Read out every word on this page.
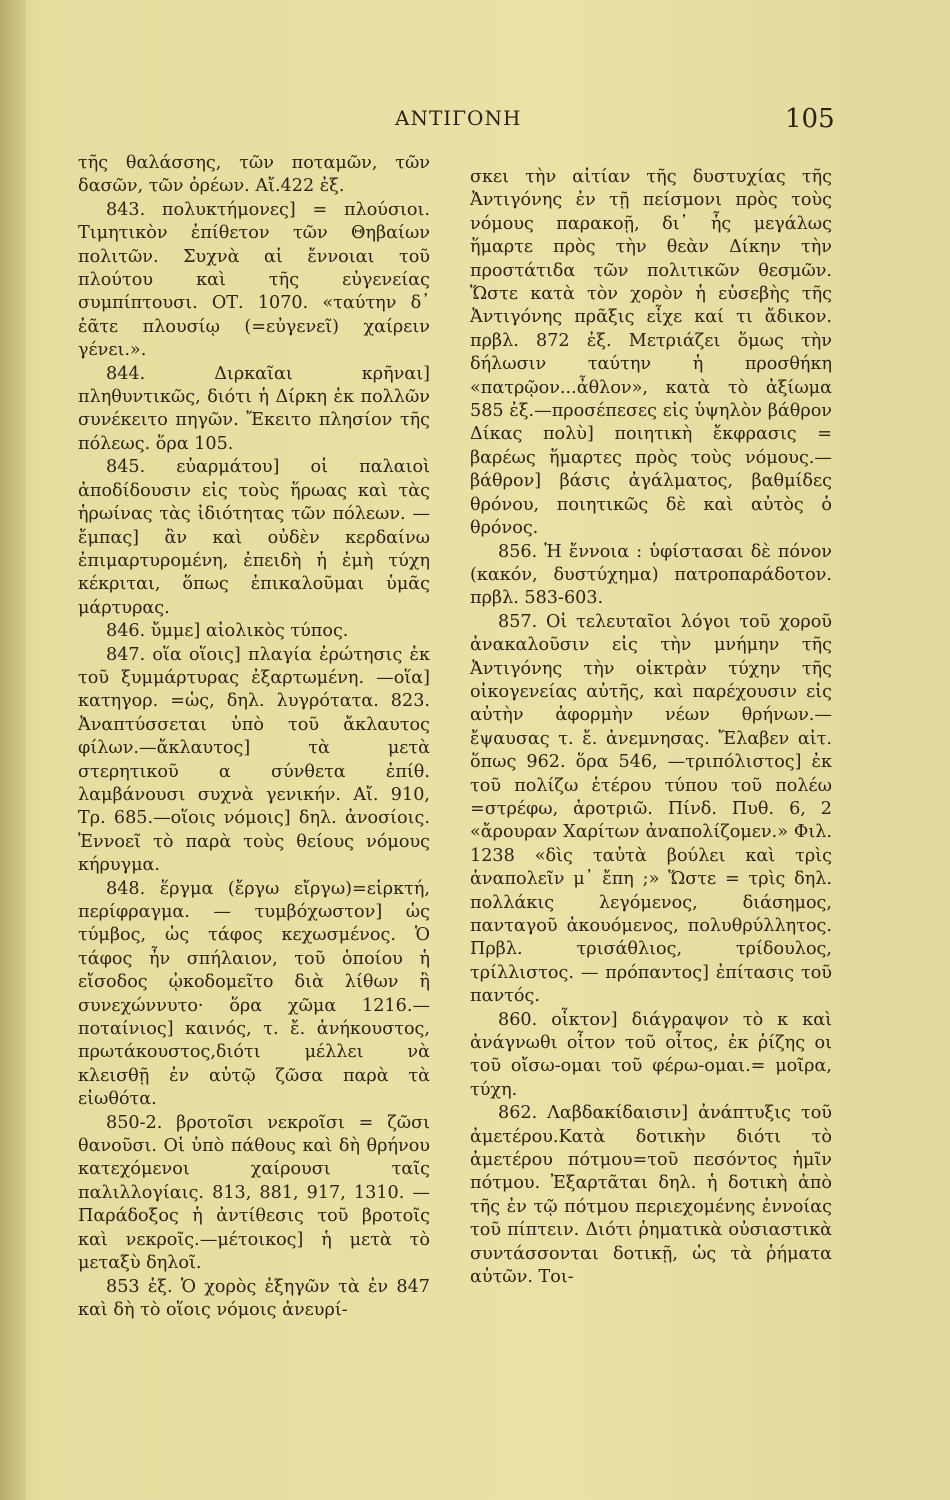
ΑΝΤΙΓΟΝΗ	105

τῆς θαλάσσης, τῶν ποταμῶν, τῶν δασῶν, τῶν ὀρέων. Αἴ.422 ἐξ.

843. πολυκτήμονες] = πλούσιοι. Τιμητικὸν ἐπίθετον τῶν Θηβαίων πολιτῶν. Συχνὰ αἱ ἔννοιαι τοῦ πλούτου καὶ τῆς εὐγενείας συμπίπτουσι. ΟΤ. 1070. «ταύτην δ᾽ ἐᾶτε πλουσίῳ (=εὐγενεῖ) χαίρειν γένει.».

844. Διρκαῖαι κρῆναι] πληθυντικῶς, διότι ἡ Δίρκη ἐκ πολλῶν συνέκειτο πηγῶν. Ἔκειτο πλησίον τῆς πόλεως. ὅρα 105.

845. εὐαρμάτου] οἱ παλαιοὶ ἀποδίδουσιν εἰς τοὺς ἥρωας καὶ τὰς ἡρωίνας τὰς ἰδιότητας τῶν πόλεων. —ἔμπας] ἂν καὶ οὐδὲν κερδαίνω ἐπιμαρτυρομένη, ἐπειδὴ ἡ ἐμὴ τύχη κέκριται, ὅπως ἐπικαλοῦμαι ὑμᾶς μάρτυρας.

846. ὔμμε] αἰολικὸς τύπος.

847. οἵα οἵοις] πλαγία ἐρώτησις ἐκ τοῦ ξυμμάρτυρας ἐξαρτωμένη. —οἵα] κατηγορ. =ὡς, δηλ. λυγρότατα. 823. Ἀναπτύσσεται ὑπὸ τοῦ ἄκλαυτος φίλων.—ἄκλαυτος] τὰ μετὰ στερητικοῦ α σύνθετα ἐπίθ. λαμβάνουσι συχνὰ γενικήν. Αἴ. 910, Τρ. 685.—οἵοις νόμοις] δηλ. ἀνοσίοις. Ἐννοεῖ τὸ παρὰ τοὺς θείους νόμους κήρυγμα.

848. ἕργμα (ἔργω εἴργω)=εἱρκτή, περίφραγμα. — τυμβόχωστον] ὡς τύμβος, ὡς τάφος κεχωσμένος. Ὁ τάφος ἦν σπήλαιον, τοῦ ὁποίου ἡ εἴσοδος ᾠκοδομεῖτο διὰ λίθων ἢ συνεχώννυτο· ὅρα χῶμα 1216.—ποταίνιος] καινός, τ. ἔ. ἀνήκουστος, πρωτάκουστος,διότι μέλλει νὰ κλεισθῇ ἐν αὐτῷ ζῶσα παρὰ τὰ εἰωθότα.

850-2. βροτοῖσι νεκροῖσι = ζῶσι θανοῦσι. Οἱ ὑπὸ πάθους καὶ δὴ θρήνου κατεχόμενοι χαίρουσι ταῖς παλιλλογίαις. 813, 881, 917, 1310. —Παράδοξος ἡ ἀντίθεσις τοῦ βροτοῖς καὶ νεκροῖς.—μέτοικος] ἡ μετὰ τὸ μεταξὺ δηλοῖ.

853 ἐξ. Ὁ χορὸς ἐξηγῶν τὰ ἐν 847 καὶ δὴ τὸ οἵοις νόμοις ἀνευρί-

σκει τὴν αἰτίαν τῆς δυστυχίας τῆς Ἀντιγόνης ἐν τῇ πείσμονι πρὸς τοὺς νόμους παρακοῇ, δι᾽ ἧς μεγάλως ἥμαρτε πρὸς τὴν θεὰν Δίκην τὴν προστάτιδα τῶν πολιτικῶν θεσμῶν. Ὥστε κατὰ τὸν χορὸν ἡ εὐσεβὴς τῆς Ἀντιγόνης πρᾶξις εἶχε καί τι ἄδικον. πρβλ. 872 ἐξ. Μετριάζει ὅμως τὴν δήλωσιν ταύτην ἡ προσθήκη «πατρῷον...ἆθλον», κατὰ τὸ ἀξίωμα 585 ἐξ.—προσέπεσες εἰς ὑψηλὸν βάθρον Δίκας πολὺ] ποιητικὴ ἔκφρασις = βαρέως ἥμαρτες πρὸς τοὺς νόμους.— βάθρον] βάσις ἀγάλματος, βαθμίδες θρόνου, ποιητικῶς δὲ καὶ αὐτὸς ὁ θρόνος.

856. Ἡ ἔννοια : ὑφίστασαι δὲ πόνον (κακόν, δυστύχημα) πατροπαράδοτον. πρβλ. 583-603.

857. Οἱ τελευταῖοι λόγοι τοῦ χοροῦ ἀνακαλοῦσιν εἰς τὴν μνήμην τῆς Ἀντιγόνης τὴν οἰκτρὰν τύχην τῆς οἰκογενείας αὐτῆς, καὶ παρέχουσιν εἰς αὐτὴν ἀφορμὴν νέων θρήνων.—ἔψαυσας τ. ἔ. ἀνεμνησας. Ἔλαβεν αἰτ. ὅπως 962. ὅρα 546, —τριπόλιστος] ἐκ τοῦ πολίζω ἑτέρου τύπου τοῦ πολέω =στρέφω, ἀροτριῶ. Πίνδ. Πυθ. 6, 2 «ἄρουραν Χαρίτων ἀναπολίζομεν.» Φιλ. 1238 «δὶς ταὐτὰ βούλει καὶ τρὶς ἀναπολεῖν μ᾽ ἔπη ;» Ὥστε = τρὶς δηλ. πολλάκις λεγόμενος, διάσημος, πανταγοῦ ἀκουόμενος, πολυθρύλλητος. Πρβλ. τρισάθλιος, τρίδουλος, τρίλλιστος. — πρόπαντος] ἐπίτασις τοῦ παντός.

860. οἶκτον] διάγραψον τὸ κ καὶ ἀνάγνωθι οἶτον τοῦ οἶτος, ἐκ ῥίζης οι τοῦ οἴσω-ομαι τοῦ φέρω-ομαι.= μοῖρα, τύχη.

862. Λαβδακίδαισιν] ἀνάπτυξις τοῦ ἀμετέρου.Κατὰ δοτικὴν διότι τὸ ἀμετέρου πότμου=τοῦ πεσόντος ἡμῖν πότμου. Ἐξαρτᾶται δηλ. ἡ δοτικὴ ἀπὸ τῆς ἐν τῷ πότμου περιεχομένης ἐννοίας τοῦ πίπτειν. Διότι ῥηματικὰ οὐσιαστικὰ συντάσσονται δοτικῇ, ὡς τὰ ῥήματα αὐτῶν. Τοι-
